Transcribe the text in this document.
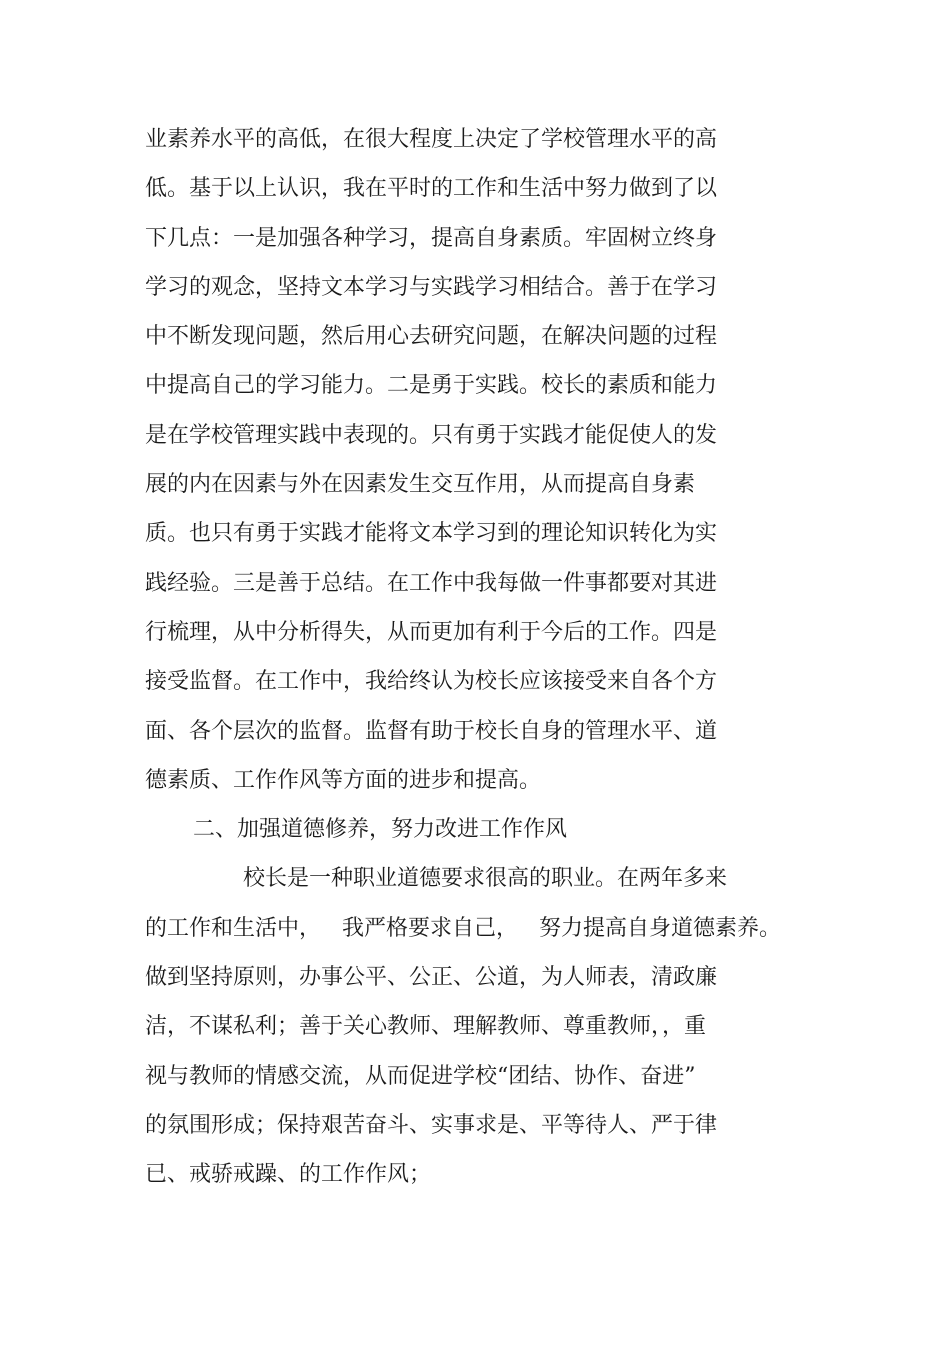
业素养水平的高低，在很大程度上决定了学校管理水平的高

低。基于以上认识，我在平时的工作和生活中努力做到了以

下几点：一是加强各种学习，提高自身素质。牢固树立终身

学习的观念，坚持文本学习与实践学习相结合。善于在学习

中不断发现问题，然后用心去研究问题，在解决问题的过程

中提高自己的学习能力。二是勇于实践。校长的素质和能力

是在学校管理实践中表现的。只有勇于实践才能促使人的发

展的内在因素与外在因素发生交互作用，从而提高自身素

质。也只有勇于实践才能将文本学习到的理论知识转化为实

践经验。三是善于总结。在工作中我每做一件事都要对其进

行梳理，从中分析得失，从而更加有利于今后的工作。四是

接受监督。在工作中，我给终认为校长应该接受来自各个方

面、各个层次的监督。监督有助于校长自身的管理水平、道

德素质、工作作风等方面的进步和提高。

二、加强道德修养，努力改进工作作风

校长是一种职业道德要求很高的职业。在两年多来

的工作和生活中，   我严格要求自己，   努力提高自身道德素养。

做到坚持原则，办事公平、公正、公道，为人师表，清政廉

洁，不谋私利；善于关心教师、理解教师、尊重教师，，重

视与教师的情感交流，从而促进学校“团结、协作、奋进”

的氛围形成；保持艰苦奋斗、实事求是、平等待人、严于律

已、戒骄戒躁、的工作作风；
